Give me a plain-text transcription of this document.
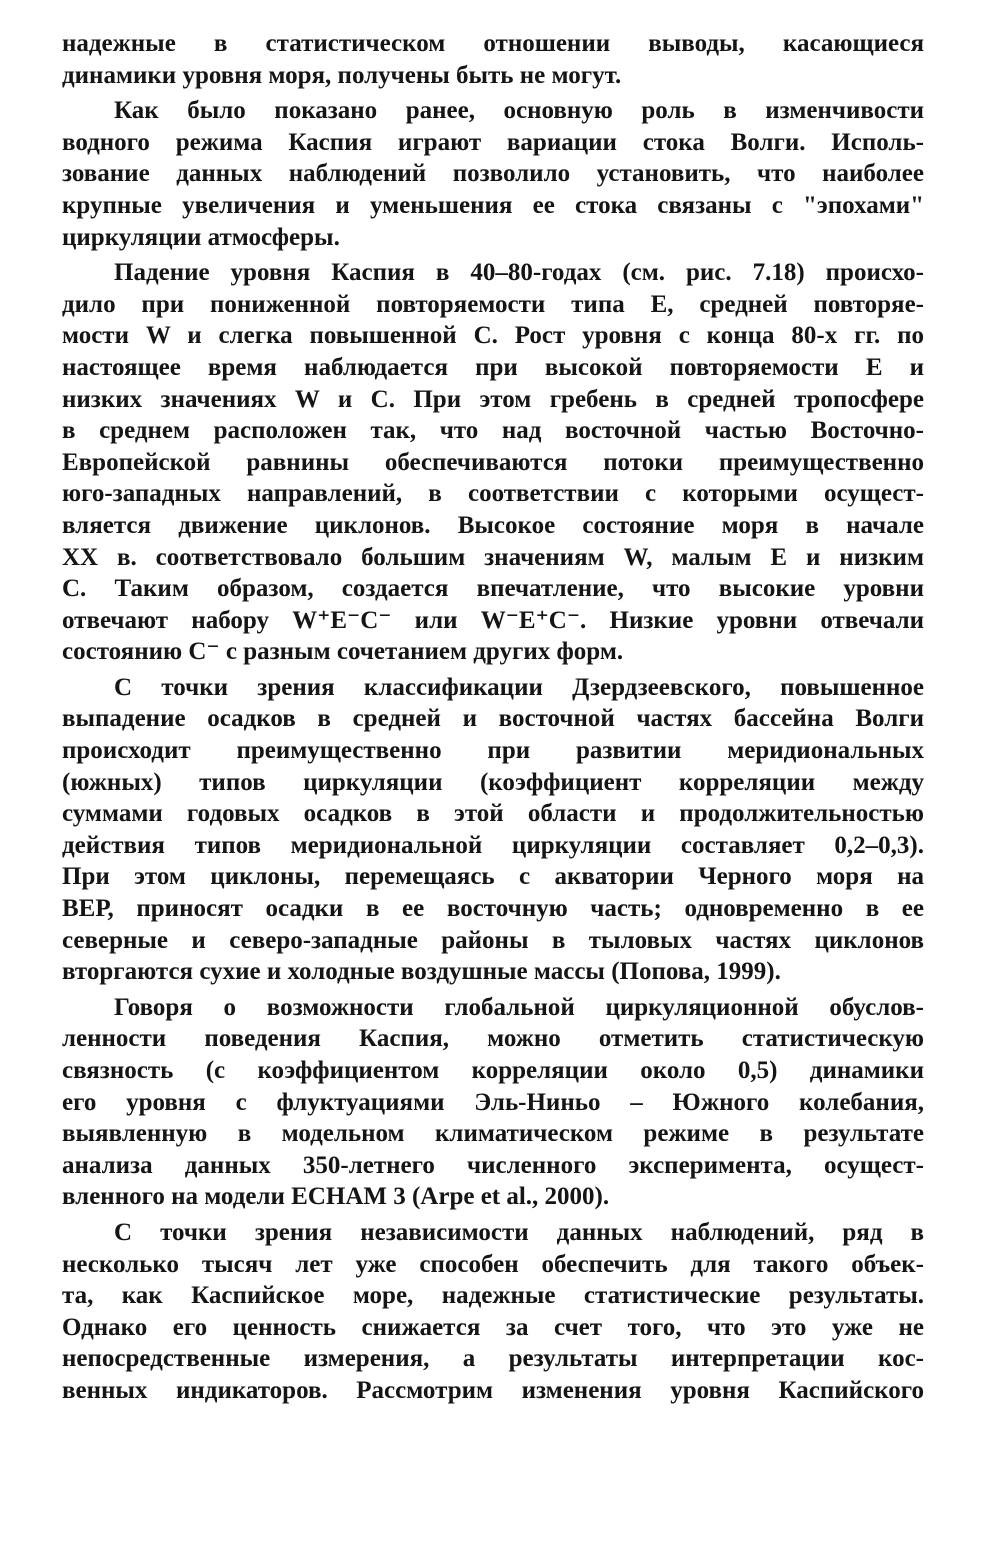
надежные в статистическом отношении выводы, касающиеся
динамики уровня моря, получены быть не могут.
Как было показано ранее, основную роль в изменчивости
водного режима Каспия играют вариации стока Волги. Исполь-
зование данных наблюдений позволило установить, что наиболее
крупные увеличения и уменьшения ее стока связаны с "эпохами"
циркуляции атмосферы.
Падение уровня Каспия в 40–80-годах (см. рис. 7.18) происхо-
дило при пониженной повторяемости типа E, средней повторяе-
мости W и слегка повышенной C. Рост уровня с конца 80-х гг. по
настоящее время наблюдается при высокой повторяемости E и
низких значениях W и C. При этом гребень в средней тропосфере
в среднем расположен так, что над восточной частью Восточно-
Европейской равнины обеспечиваются потоки преимущественно
юго-западных направлений, в соответствии с которыми осущест-
вляется движение циклонов. Высокое состояние моря в начале
XX в. соответствовало большим значениям W, малым E и низким
C. Таким образом, создается впечатление, что высокие уровни
отвечают набору W⁺E⁻C⁻ или W⁻E⁺C⁻. Низкие уровни отвечали
состоянию C⁻ с разным сочетанием других форм.
С точки зрения классификации Дзердзеевского, повышенное
выпадение осадков в средней и восточной частях бассейна Волги
происходит преимущественно при развитии меридиональных
(южных) типов циркуляции (коэффициент корреляции между
суммами годовых осадков в этой области и продолжительностью
действия типов меридиональной циркуляции составляет 0,2–0,3).
При этом циклоны, перемещаясь с акватории Черного моря на
ВЕР, приносят осадки в ее восточную часть; одновременно в ее
северные и северо-западные районы в тыловых частях циклонов
вторгаются сухие и холодные воздушные массы (Попова, 1999).
Говоря о возможности глобальной циркуляционной обуслов-
ленности поведения Каспия, можно отметить статистическую
связность (с коэффициентом корреляции около 0,5) динамики
его уровня с флуктуациями Эль-Ниньо – Южного колебания,
выявленную в модельном климатическом режиме в результате
анализа данных 350-летнего численного эксперимента, осущест-
вленного на модели ECHAM 3 (Arpe et al., 2000).
С точки зрения независимости данных наблюдений, ряд в
несколько тысяч лет уже способен обеспечить для такого объек-
та, как Каспийское море, надежные статистические результаты.
Однако его ценность снижается за счет того, что это уже не
непосредственные измерения, а результаты интерпретации кос-
венных индикаторов. Рассмотрим изменения уровня Каспийского
